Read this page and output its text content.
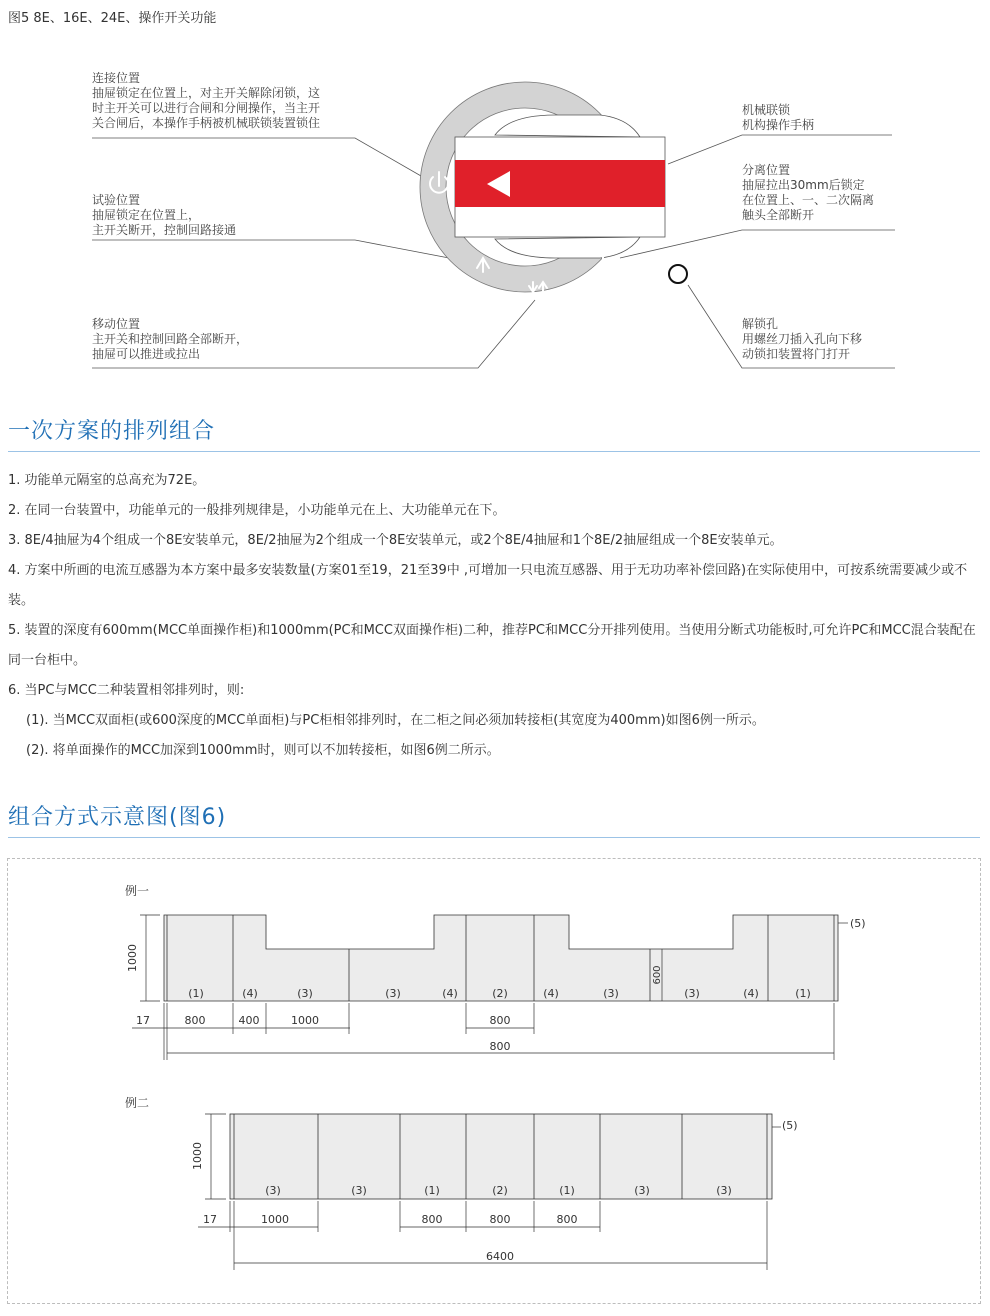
图5 8E、16E、24E、操作开关功能
连接位置
抽屉锁定在位置上，对主开关解除闭锁，这
时主开关可以进行合闸和分闸操作，当主开
关合闸后，本操作手柄被机械联锁装置锁住
试验位置
抽屉锁定在位置上，
主开关断开，控制回路接通
移动位置
主开关和控制回路全部断开，
抽屉可以推进或拉出
机械联锁
机构操作手柄
分离位置
抽屉拉出30mm后锁定
在位置上、一、二次隔离
触头全部断开
解锁孔
用螺丝刀插入孔向下移
动锁扣装置将门打开
一次方案的排列组合
1. 功能单元隔室的总高充为72E。
2. 在同一台装置中，功能单元的一般排列规律是，小功能单元在上、大功能单元在下。
3. 8E/4抽屉为4个组成一个8E安装单元，8E/2抽屉为2个组成一个8E安装单元，或2个8E/4抽屉和1个8E/2抽屉组成一个8E安装单元。
4. 方案中所画的电流互感器为本方案中最多安装数量(方案01至19，21至39中 ,可增加一只电流互感器、用于无功功率补偿回路)在实际使用中，可按系统需要减少或不装。
5. 装置的深度有600mm(MCC单面操作柜)和1000mm(PC和MCC双面操作柜)二种，推荐PC和MCC分开排列使用。当使用分断式功能板时,可允许PC和MCC混合装配在同一台柜中。
6. 当PC与MCC二种装置相邻排列时，则:
(1). 当MCC双面柜(或600深度的MCC单面柜)与PC柜相邻排列时，在二柜之间必须加转接柜(其宽度为400mm)如图6例一所示。
(2). 将单面操作的MCC加深到1000mm时，则可以不加转接柜，如图6例二所示。
组合方式示意图(图6)
例一
(1)	(4)	(3)	(3)	(4)	(2)	(4)	(3)	(3)	(4)	(1)
1000
600
(5)
17	800	400	1000	800
800
例二
(3)	(3)	(1)	(2)	(1)	(3)	(3)
1000
(5)
17	1000	800	800	800
6400
